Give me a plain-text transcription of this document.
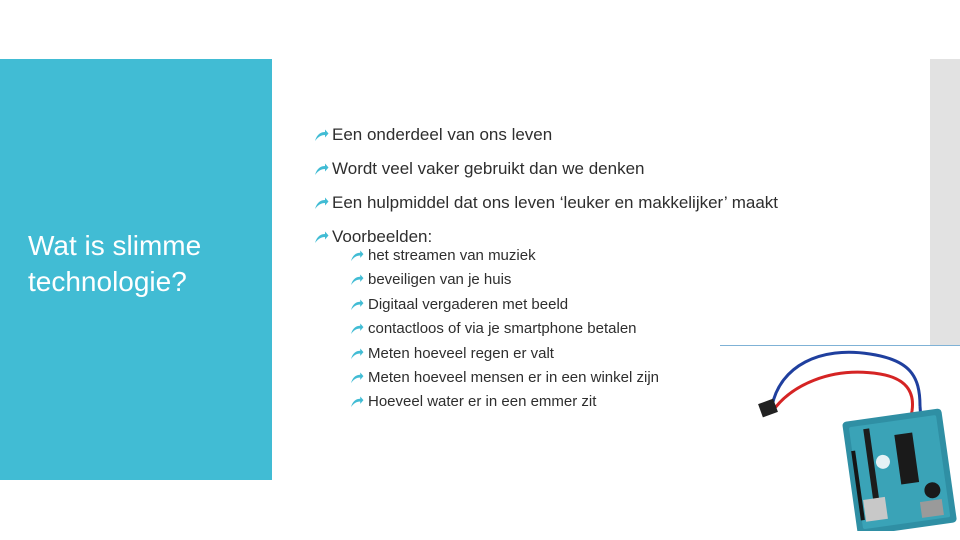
Wat is slimme technologie?
Een onderdeel van ons leven
Wordt veel vaker gebruikt dan we denken
Een hulpmiddel dat ons leven ‘leuker en makkelijker’ maakt
Voorbeelden:
het streamen van muziek
beveiligen van je huis
Digitaal vergaderen met beeld
contactloos of via je smartphone betalen
Meten hoeveel regen er valt
Meten hoeveel mensen er in een winkel zijn
Hoeveel water er in een emmer zit
